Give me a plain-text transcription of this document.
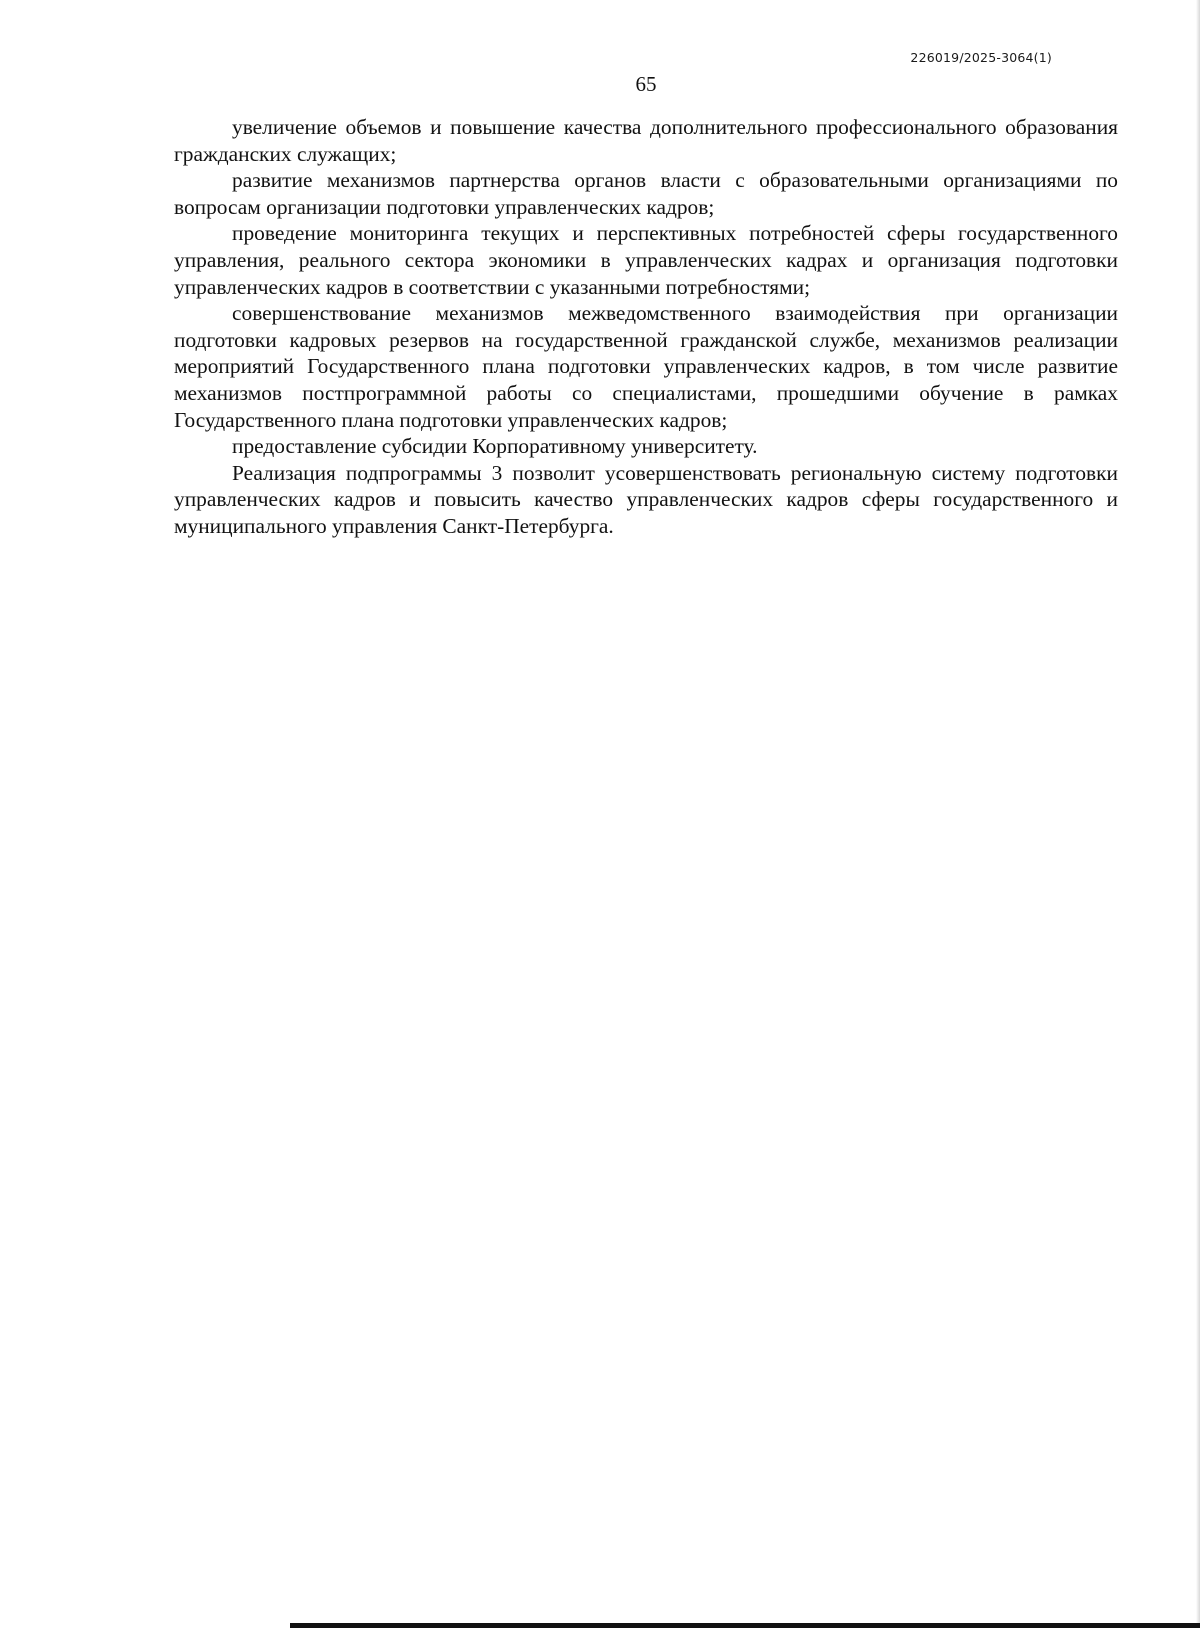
226019/2025-3064(1)
65

увеличение объемов и повышение качества дополнительного профессионального образования гражданских служащих;

развитие механизмов партнерства органов власти с образовательными организациями по вопросам организации подготовки управленческих кадров;

проведение мониторинга текущих и перспективных потребностей сферы государственного управления, реального сектора экономики в управленческих кадрах и организация подготовки управленческих кадров в соответствии с указанными потребностями;

совершенствование механизмов межведомственного взаимодействия при организации подготовки кадровых резервов на государственной гражданской службе, механизмов реализации мероприятий Государственного плана подготовки управленческих кадров, в том числе развитие механизмов постпрограммной работы со специалистами, прошедшими обучение в рамках Государственного плана подготовки управленческих кадров;

предоставление субсидии Корпоративному университету.

Реализация подпрограммы 3 позволит усовершенствовать региональную систему подготовки управленческих кадров и повысить качество управленческих кадров сферы государственного и муниципального управления Санкт-Петербурга.
